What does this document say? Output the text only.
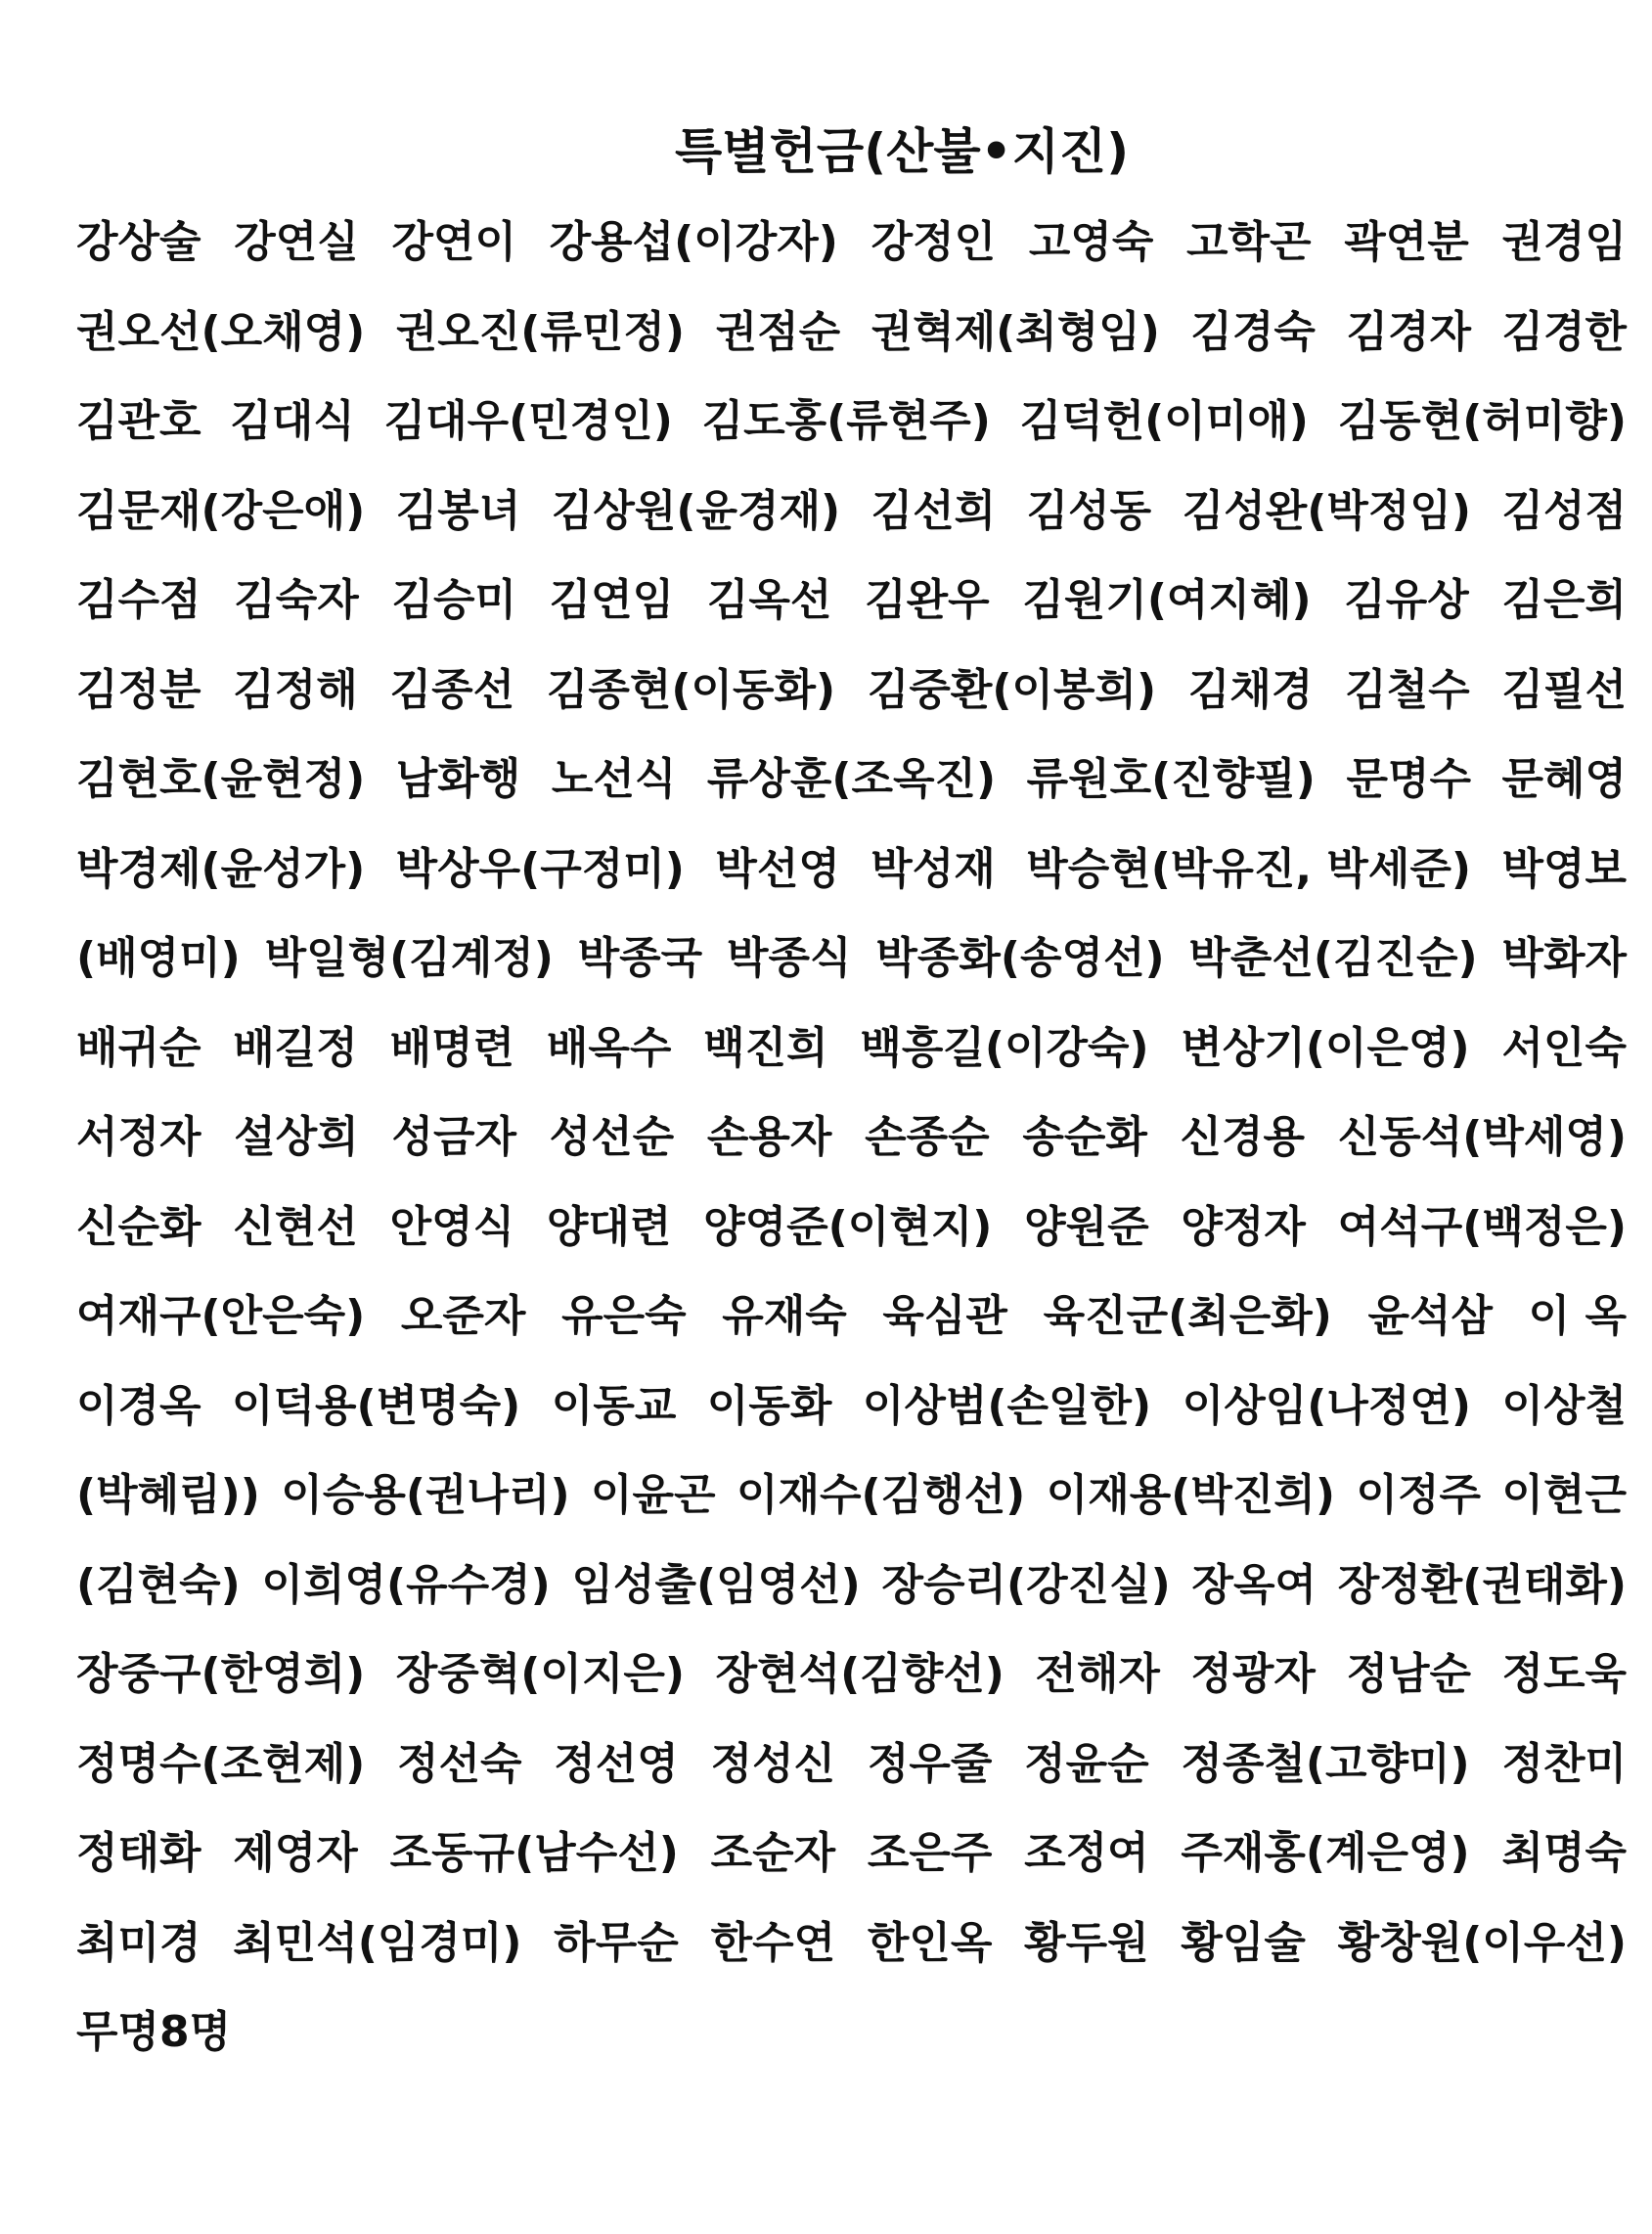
특별헌금(산불•지진)
강상술 강연실 강연이 강용섭(이강자) 강정인 고영숙 고학곤 곽연분 권경임
권오선(오채영) 권오진(류민정) 권점순 권혁제(최형임) 김경숙 김경자 김경한
김관호 김대식 김대우(민경인) 김도홍(류현주) 김덕헌(이미애) 김동현(허미향)
김문재(강은애) 김봉녀 김상원(윤경재) 김선희 김성동 김성완(박정임) 김성점
김수점 김숙자 김승미 김연임 김옥선 김완우 김원기(여지혜) 김유상 김은희
김정분 김정해 김종선 김종현(이동화) 김중환(이봉희) 김채경 김철수 김필선
김현호(윤현정) 남화행 노선식 류상훈(조옥진) 류원호(진향필) 문명수 문혜영
박경제(윤성가) 박상우(구정미) 박선영 박성재 박승현(박유진, 박세준) 박영보
(배영미) 박일형(김계정) 박종국 박종식 박종화(송영선) 박춘선(김진순) 박화자
배귀순 배길정 배명련 배옥수 백진희 백흥길(이강숙) 변상기(이은영) 서인숙
서정자 설상희 성금자 성선순 손용자 손종순 송순화 신경용 신동석(박세영)
신순화 신현선 안영식 양대련 양영준(이현지) 양원준 양정자 여석구(백정은)
여재구(안은숙) 오준자 유은숙 유재숙 육심관 육진군(최은화) 윤석삼 이 옥
이경옥 이덕용(변명숙) 이동교 이동화 이상범(손일한) 이상임(나정연) 이상철
(박혜림)) 이승용(권나리) 이윤곤 이재수(김행선) 이재용(박진희) 이정주 이현근
(김현숙) 이희영(유수경) 임성출(임영선) 장승리(강진실) 장옥여 장정환(권태화)
장중구(한영희) 장중혁(이지은) 장현석(김향선) 전해자 정광자 정남순 정도욱
정명수(조현제) 정선숙 정선영 정성신 정우줄 정윤순 정종철(고향미) 정찬미
정태화 제영자 조동규(남수선) 조순자 조은주 조정여 주재홍(계은영) 최명숙
최미경 최민석(임경미) 하무순 한수연 한인옥 황두원 황임술 황창원(이우선)
무명8명
